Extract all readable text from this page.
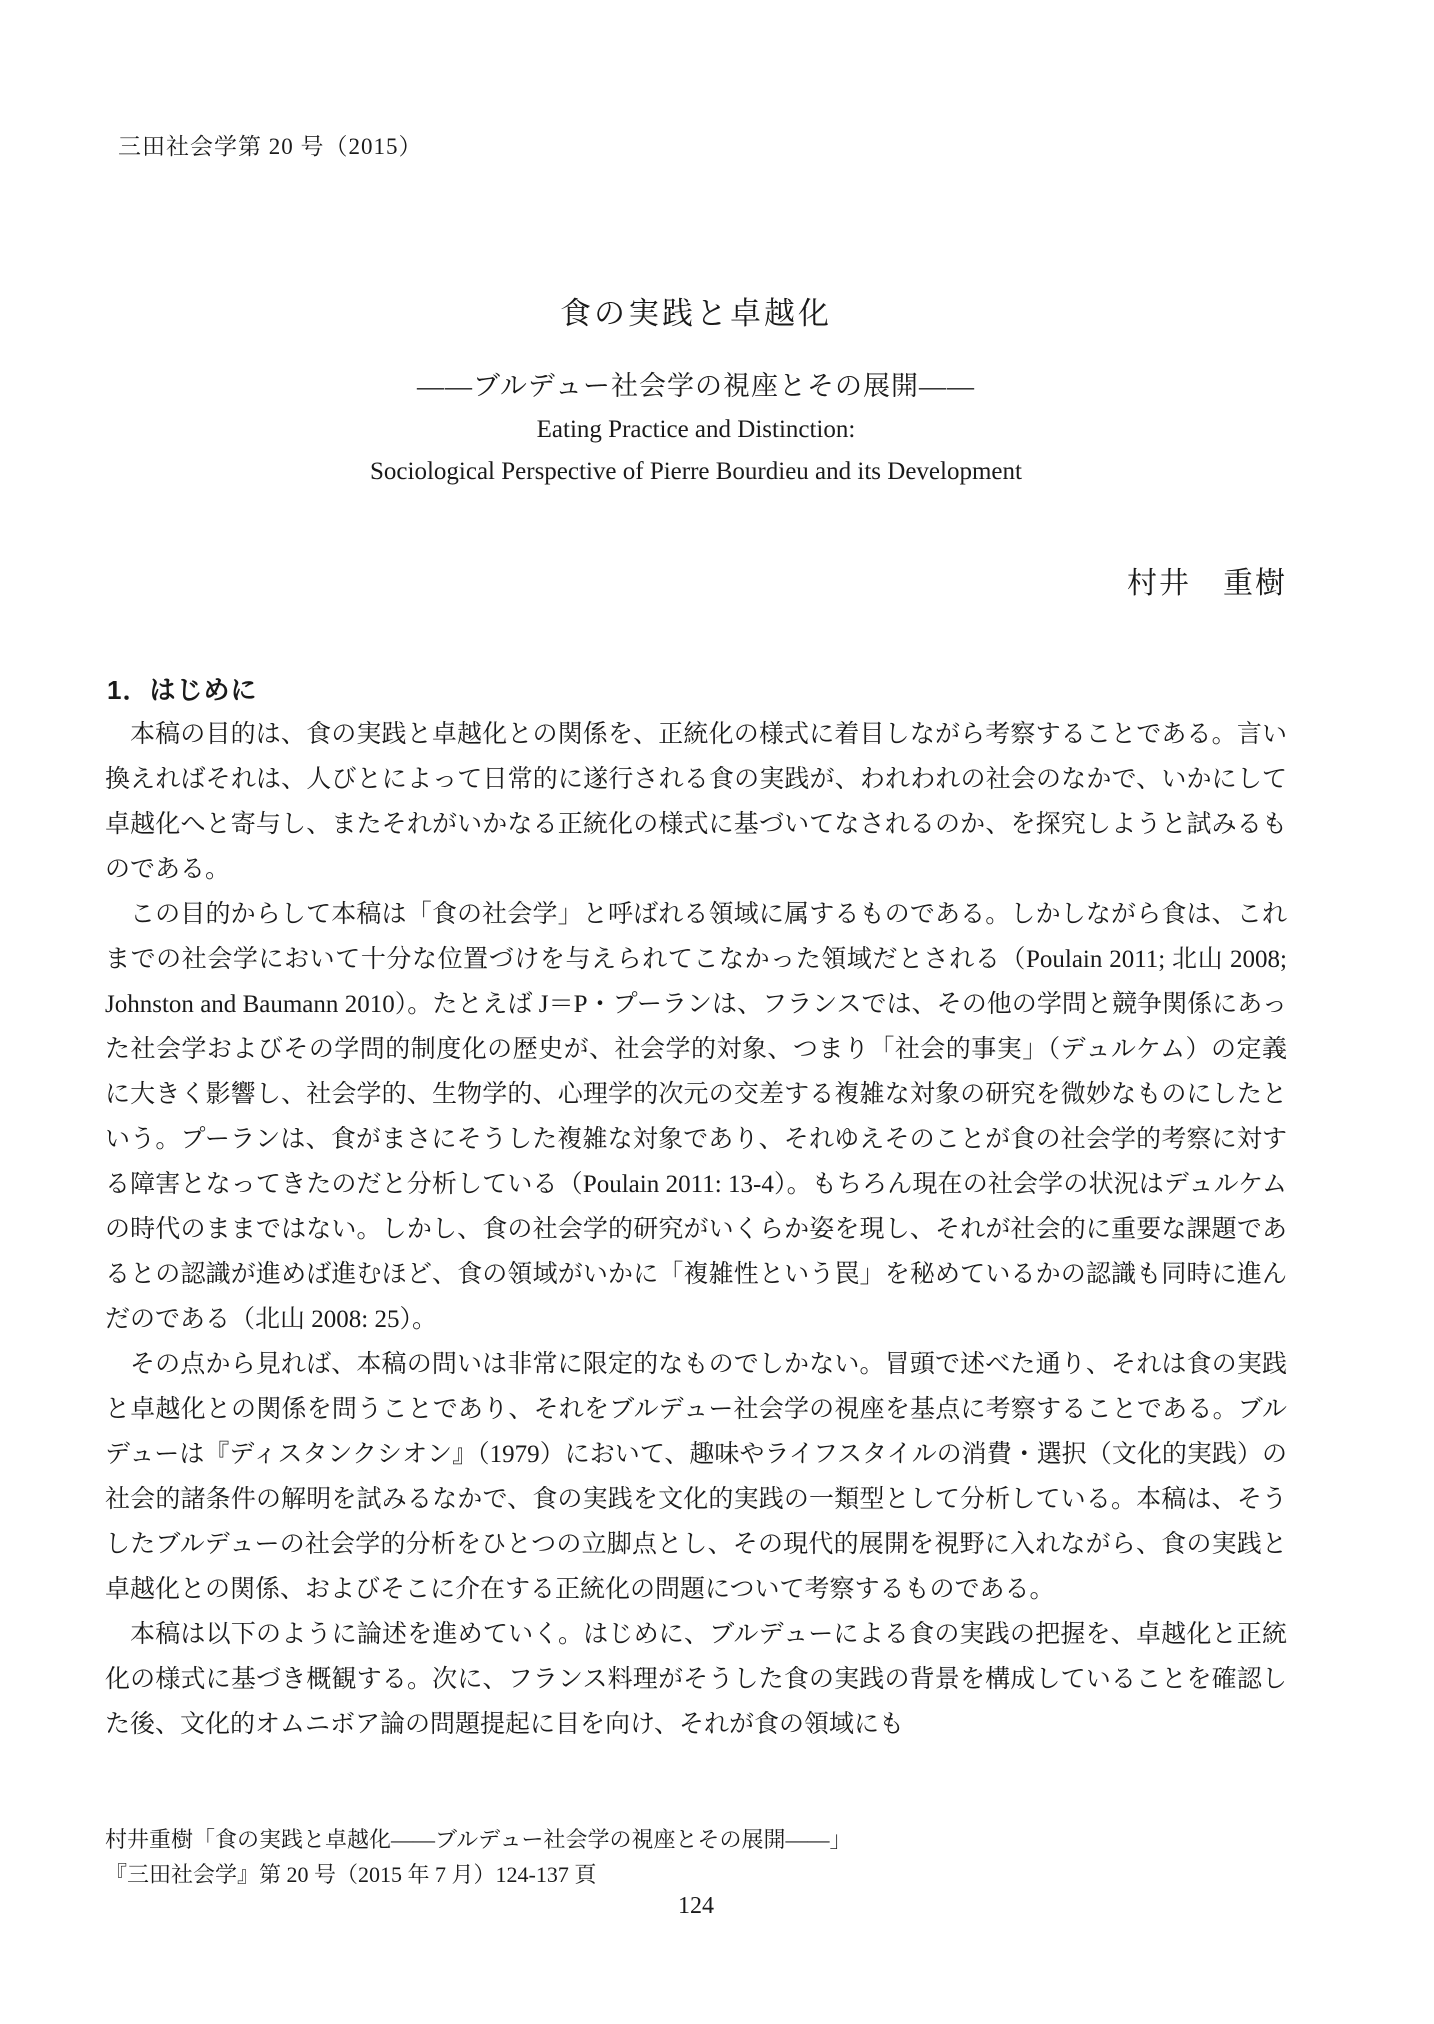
三田社会学第 20 号（2015）
食の実践と卓越化
――ブルデュー社会学の視座とその展開――
Eating Practice and Distinction:
Sociological Perspective of Pierre Bourdieu and its Development
村井　重樹
1．はじめに

本稿の目的は、食の実践と卓越化との関係を、正統化の様式に着目しながら考察することである。言い換えればそれは、人びとによって日常的に遂行される食の実践が、われわれの社会のなかで、いかにして卓越化へと寄与し、またそれがいかなる正統化の様式に基づいてなされるのか、を探究しようと試みるものである。

この目的からして本稿は「食の社会学」と呼ばれる領域に属するものである。しかしながら食は、これまでの社会学において十分な位置づけを与えられてこなかった領域だとされる（Poulain 2011; 北山 2008; Johnston and Baumann 2010）。たとえば J＝P・プーランは、フランスでは、その他の学問と競争関係にあった社会学およびその学問的制度化の歴史が、社会学的対象、つまり「社会的事実」（デュルケム）の定義に大きく影響し、社会学的、生物学的、心理学的次元の交差する複雑な対象の研究を微妙なものにしたという。プーランは、食がまさにそうした複雑な対象であり、それゆえそのことが食の社会学的考察に対する障害となってきたのだと分析している（Poulain 2011: 13-4）。もちろん現在の社会学の状況はデュルケムの時代のままではない。しかし、食の社会学的研究がいくらか姿を現し、それが社会的に重要な課題であるとの認識が進めば進むほど、食の領域がいかに「複雑性という罠」を秘めているかの認識も同時に進んだのである（北山 2008: 25）。

その点から見れば、本稿の問いは非常に限定的なものでしかない。冒頭で述べた通り、それは食の実践と卓越化との関係を問うことであり、それをブルデュー社会学の視座を基点に考察することである。ブルデューは『ディスタンクシオン』（1979）において、趣味やライフスタイルの消費・選択（文化的実践）の社会的諸条件の解明を試みるなかで、食の実践を文化的実践の一類型として分析している。本稿は、そうしたブルデューの社会学的分析をひとつの立脚点とし、その現代的展開を視野に入れながら、食の実践と卓越化との関係、およびそこに介在する正統化の問題について考察するものである。

本稿は以下のように論述を進めていく。はじめに、ブルデューによる食の実践の把握を、卓越化と正統化の様式に基づき概観する。次に、フランス料理がそうした食の実践の背景を構成していることを確認した後、文化的オムニボア論の問題提起に目を向け、それが食の領域にも

村井重樹「食の実践と卓越化――ブルデュー社会学の視座とその展開――」
『三田社会学』第 20 号（2015 年 7 月）124-137 頁
124
